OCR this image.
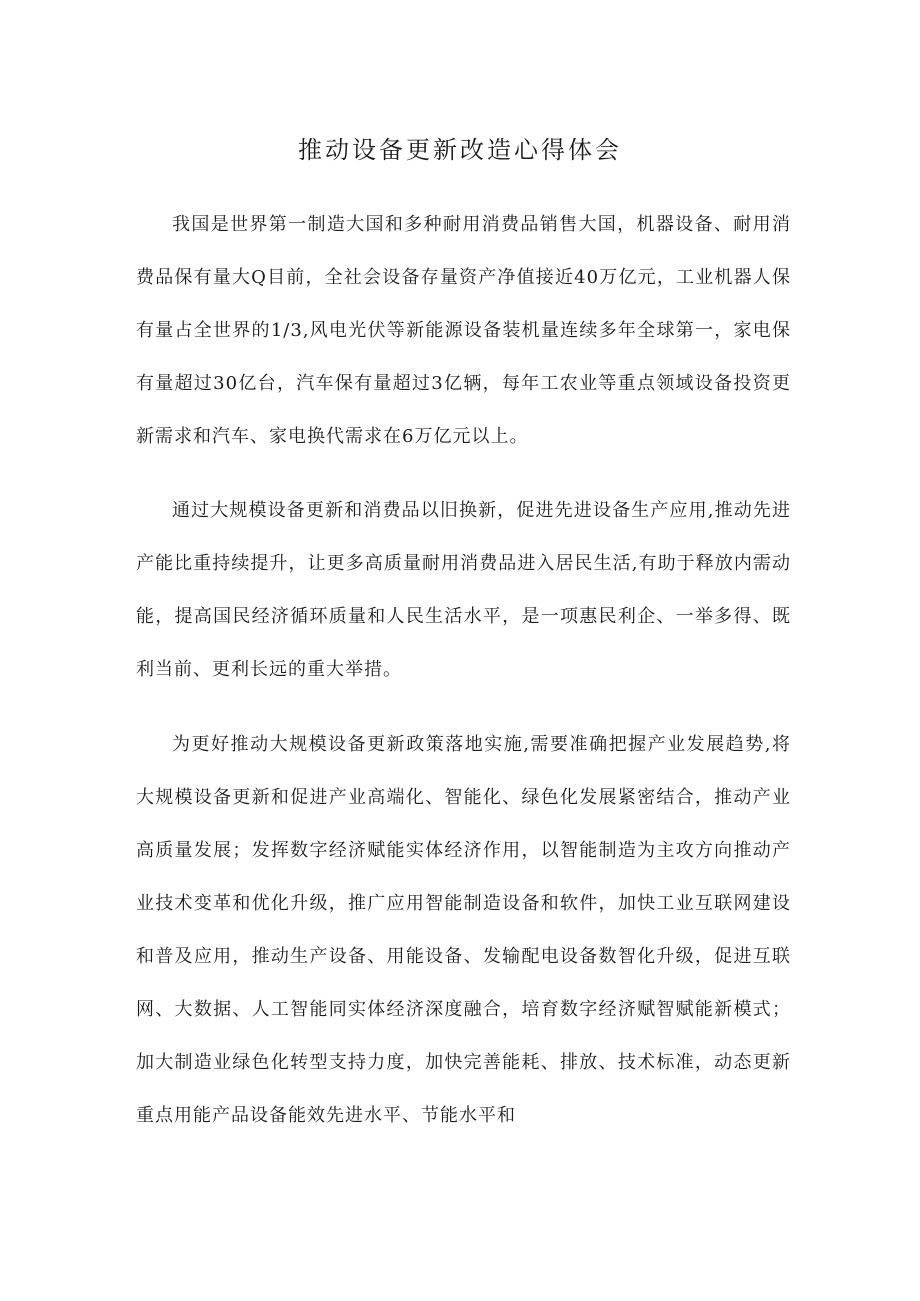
推动设备更新改造心得体会

我国是世界第一制造大国和多种耐用消费品销售大国，机器设备、耐用消费品保有量大Q目前，全社会设备存量资产净值接近40万亿元，工业机器人保有量占全世界的1/3,风电光伏等新能源设备装机量连续多年全球第一，家电保有量超过30亿台，汽车保有量超过3亿辆，每年工农业等重点领域设备投资更新需求和汽车、家电换代需求在6万亿元以上。

通过大规模设备更新和消费品以旧换新，促进先进设备生产应用,推动先进产能比重持续提升，让更多高质量耐用消费品进入居民生活,有助于释放内需动能，提高国民经济循环质量和人民生活水平，是一项惠民利企、一举多得、既利当前、更利长远的重大举措。

为更好推动大规模设备更新政策落地实施,需要准确把握产业发展趋势,将大规模设备更新和促进产业高端化、智能化、绿色化发展紧密结合，推动产业高质量发展；发挥数字经济赋能实体经济作用，以智能制造为主攻方向推动产业技术变革和优化升级，推广应用智能制造设备和软件，加快工业互联网建设和普及应用，推动生产设备、用能设备、发输配电设备数智化升级，促进互联网、大数据、人工智能同实体经济深度融合，培育数字经济赋智赋能新模式；加大制造业绿色化转型支持力度，加快完善能耗、排放、技术标准，动态更新重点用能产品设备能效先进水平、节能水平和
